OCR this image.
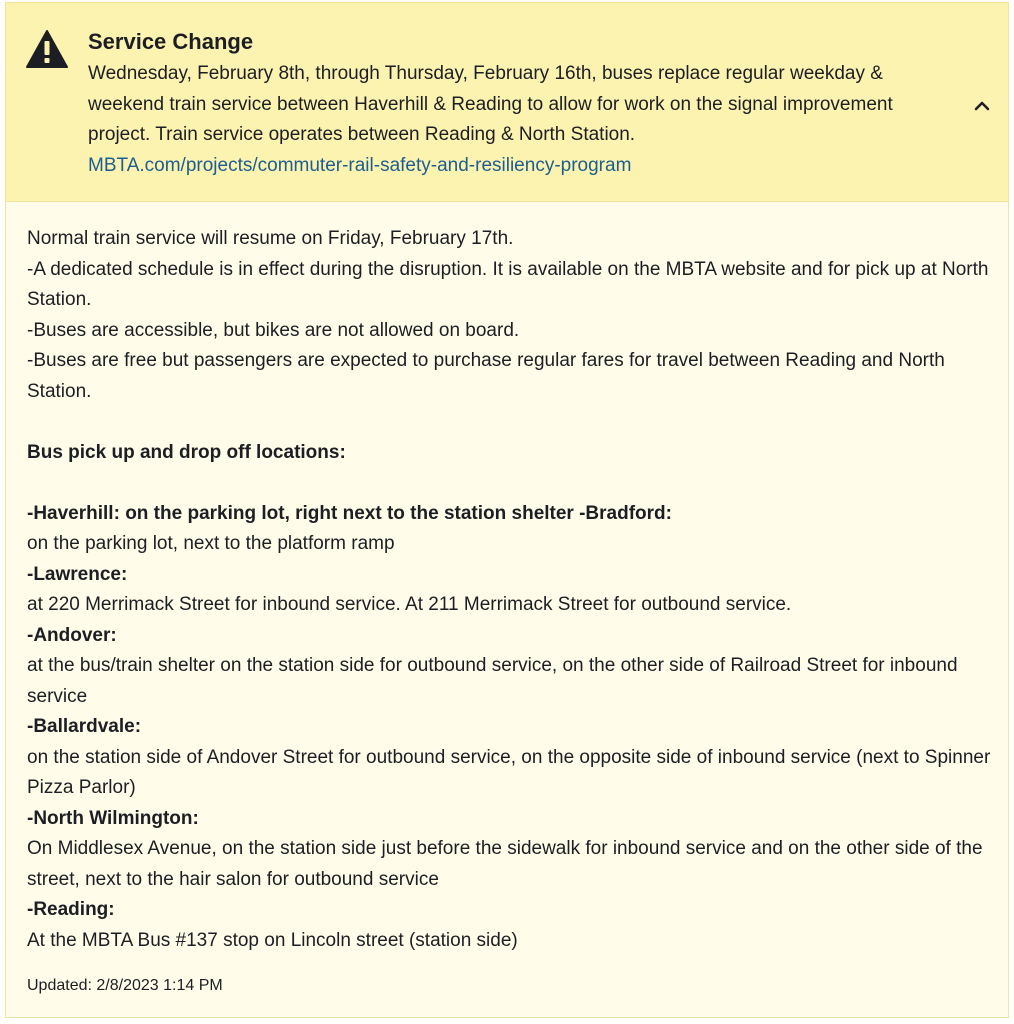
Service Change
Wednesday, February 8th, through Thursday, February 16th, buses replace regular weekday & weekend train service between Haverhill & Reading to allow for work on the signal improvement project. Train service operates between Reading & North Station.
MBTA.com/projects/commuter-rail-safety-and-resiliency-program

Normal train service will resume on Friday, February 17th.

-A dedicated schedule is in effect during the disruption. It is available on the MBTA website and for pick up at North Station.

-Buses are accessible, but bikes are not allowed on board.

-Buses are free but passengers are expected to purchase regular fares for travel between Reading and North Station.

Bus pick up and drop off locations:

-Haverhill: on the parking lot, right next to the station shelter -Bradford:

on the parking lot, next to the platform ramp

-Lawrence:

at 220 Merrimack Street for inbound service. At 211 Merrimack Street for outbound service.

-Andover:

at the bus/train shelter on the station side for outbound service, on the other side of Railroad Street for inbound service

-Ballardvale:

on the station side of Andover Street for outbound service, on the opposite side of inbound service (next to Spinner Pizza Parlor)

-North Wilmington:

On Middlesex Avenue, on the station side just before the sidewalk for inbound service and on the other side of the street, next to the hair salon for outbound service

-Reading:

At the MBTA Bus #137 stop on Lincoln street (station side)

Updated: 2/8/2023 1:14 PM
